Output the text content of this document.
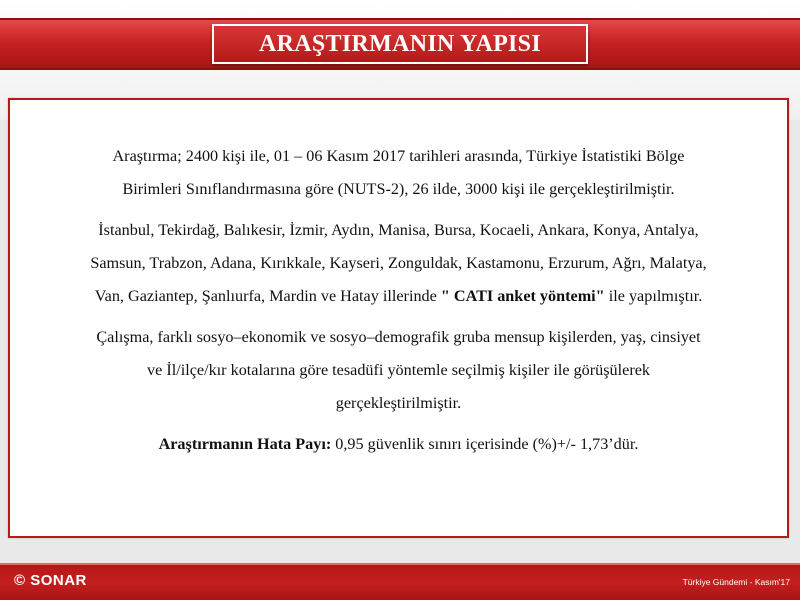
ARAŞTIRMANIN YAPISI

Araştırma; 2400 kişi ile, 01 – 06 Kasım 2017 tarihleri arasında, Türkiye İstatistiki Bölge
Birimleri Sınıflandırmasına göre (NUTS-2), 26 ilde, 3000 kişi ile gerçekleştirilmiştir.

İstanbul, Tekirdağ, Balıkesir, İzmir, Aydın, Manisa, Bursa, Kocaeli, Ankara, Konya, Antalya,
Samsun, Trabzon, Adana, Kırıkkale, Kayseri, Zonguldak, Kastamonu, Erzurum, Ağrı, Malatya,
Van, Gaziantep, Şanlıurfa, Mardin ve Hatay illerinde " CATI anket yöntemi" ile yapılmıştır.

Çalışma, farklı sosyo–ekonomik ve sosyo–demografik gruba mensup kişilerden, yaş, cinsiyet
ve İl/ilçe/kır kotalarına göre tesadüfi yöntemle seçilmiş kişiler ile görüşülerek
gerçekleştirilmiştir.

Araştırmanın Hata Payı: 0,95 güvenlik sınırı içerisinde (%)+/- 1,73’dür.

© SONAR	Türkiye Gündemi - Kasım'17
